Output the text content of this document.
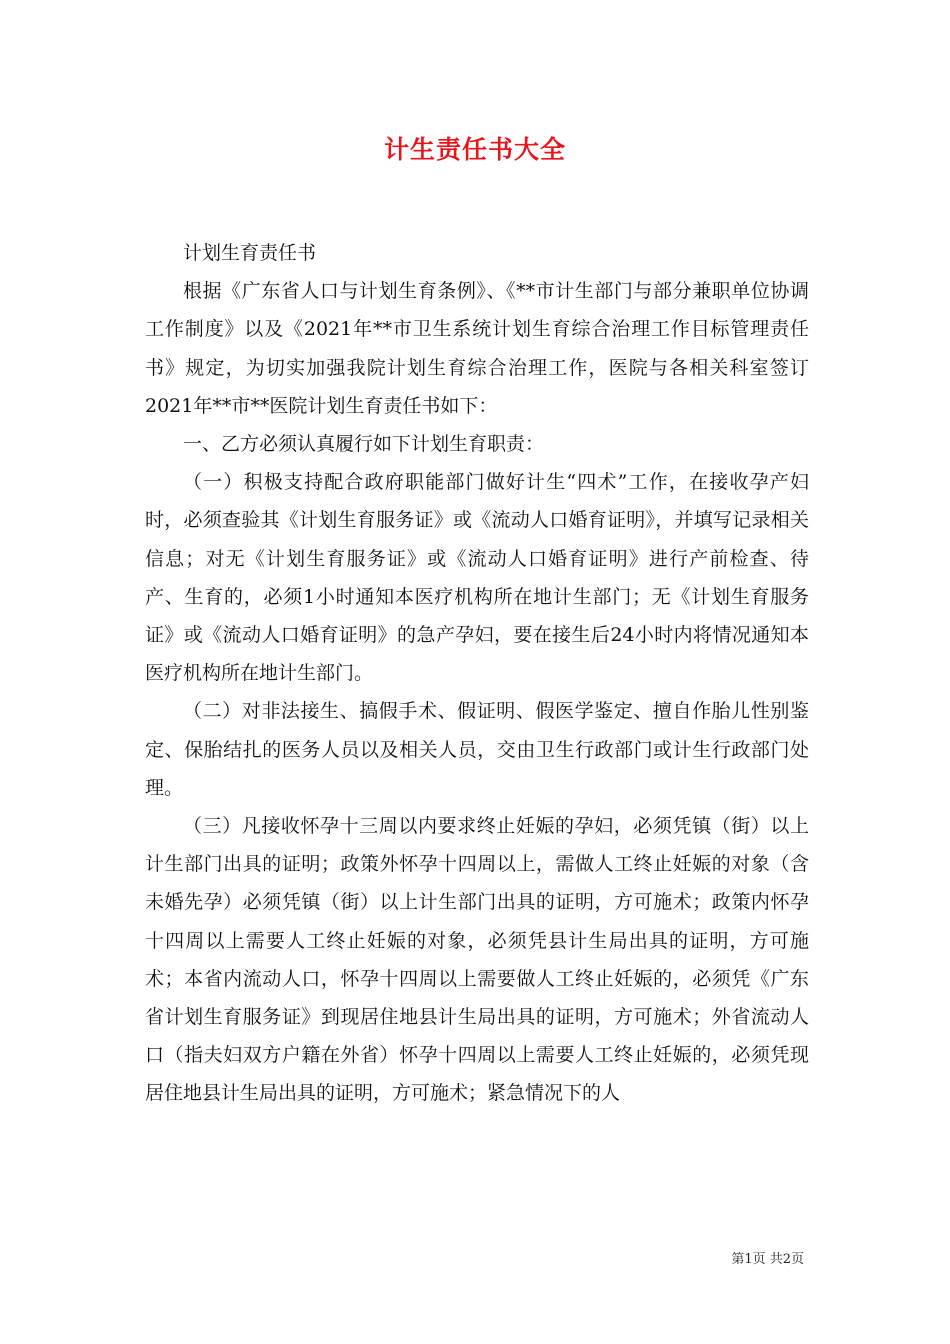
计生责任书大全

计划生育责任书

根据《广东省人口与计划生育条例》、《**市计生部门与部分兼职单位协调工作制度》以及《2021年**市卫生系统计划生育综合治理工作目标管理责任书》规定，为切实加强我院计划生育综合治理工作，医院与各相关科室签订2021年**市**医院计划生育责任书如下：

一、乙方必须认真履行如下计划生育职责：

（一）积极支持配合政府职能部门做好计生“四术”工作，在接收孕产妇时，必须查验其《计划生育服务证》或《流动人口婚育证明》，并填写记录相关信息；对无《计划生育服务证》或《流动人口婚育证明》进行产前检查、待产、生育的，必须1小时通知本医疗机构所在地计生部门；无《计划生育服务证》或《流动人口婚育证明》的急产孕妇，要在接生后24小时内将情况通知本医疗机构所在地计生部门。

（二）对非法接生、搞假手术、假证明、假医学鉴定、擅自作胎儿性别鉴定、保胎结扎的医务人员以及相关人员，交由卫生行政部门或计生行政部门处理。

（三）凡接收怀孕十三周以内要求终止妊娠的孕妇，必须凭镇（街）以上计生部门出具的证明；政策外怀孕十四周以上，需做人工终止妊娠的对象（含未婚先孕）必须凭镇（街）以上计生部门出具的证明，方可施术；政策内怀孕十四周以上需要人工终止妊娠的对象，必须凭县计生局出具的证明，方可施术；本省内流动人口，怀孕十四周以上需要做人工终止妊娠的，必须凭《广东省计划生育服务证》到现居住地县计生局出具的证明，方可施术；外省流动人口（指夫妇双方户籍在外省）怀孕十四周以上需要人工终止妊娠的，必须凭现居住地县计生局出具的证明，方可施术；紧急情况下的人

第1页 共2页
